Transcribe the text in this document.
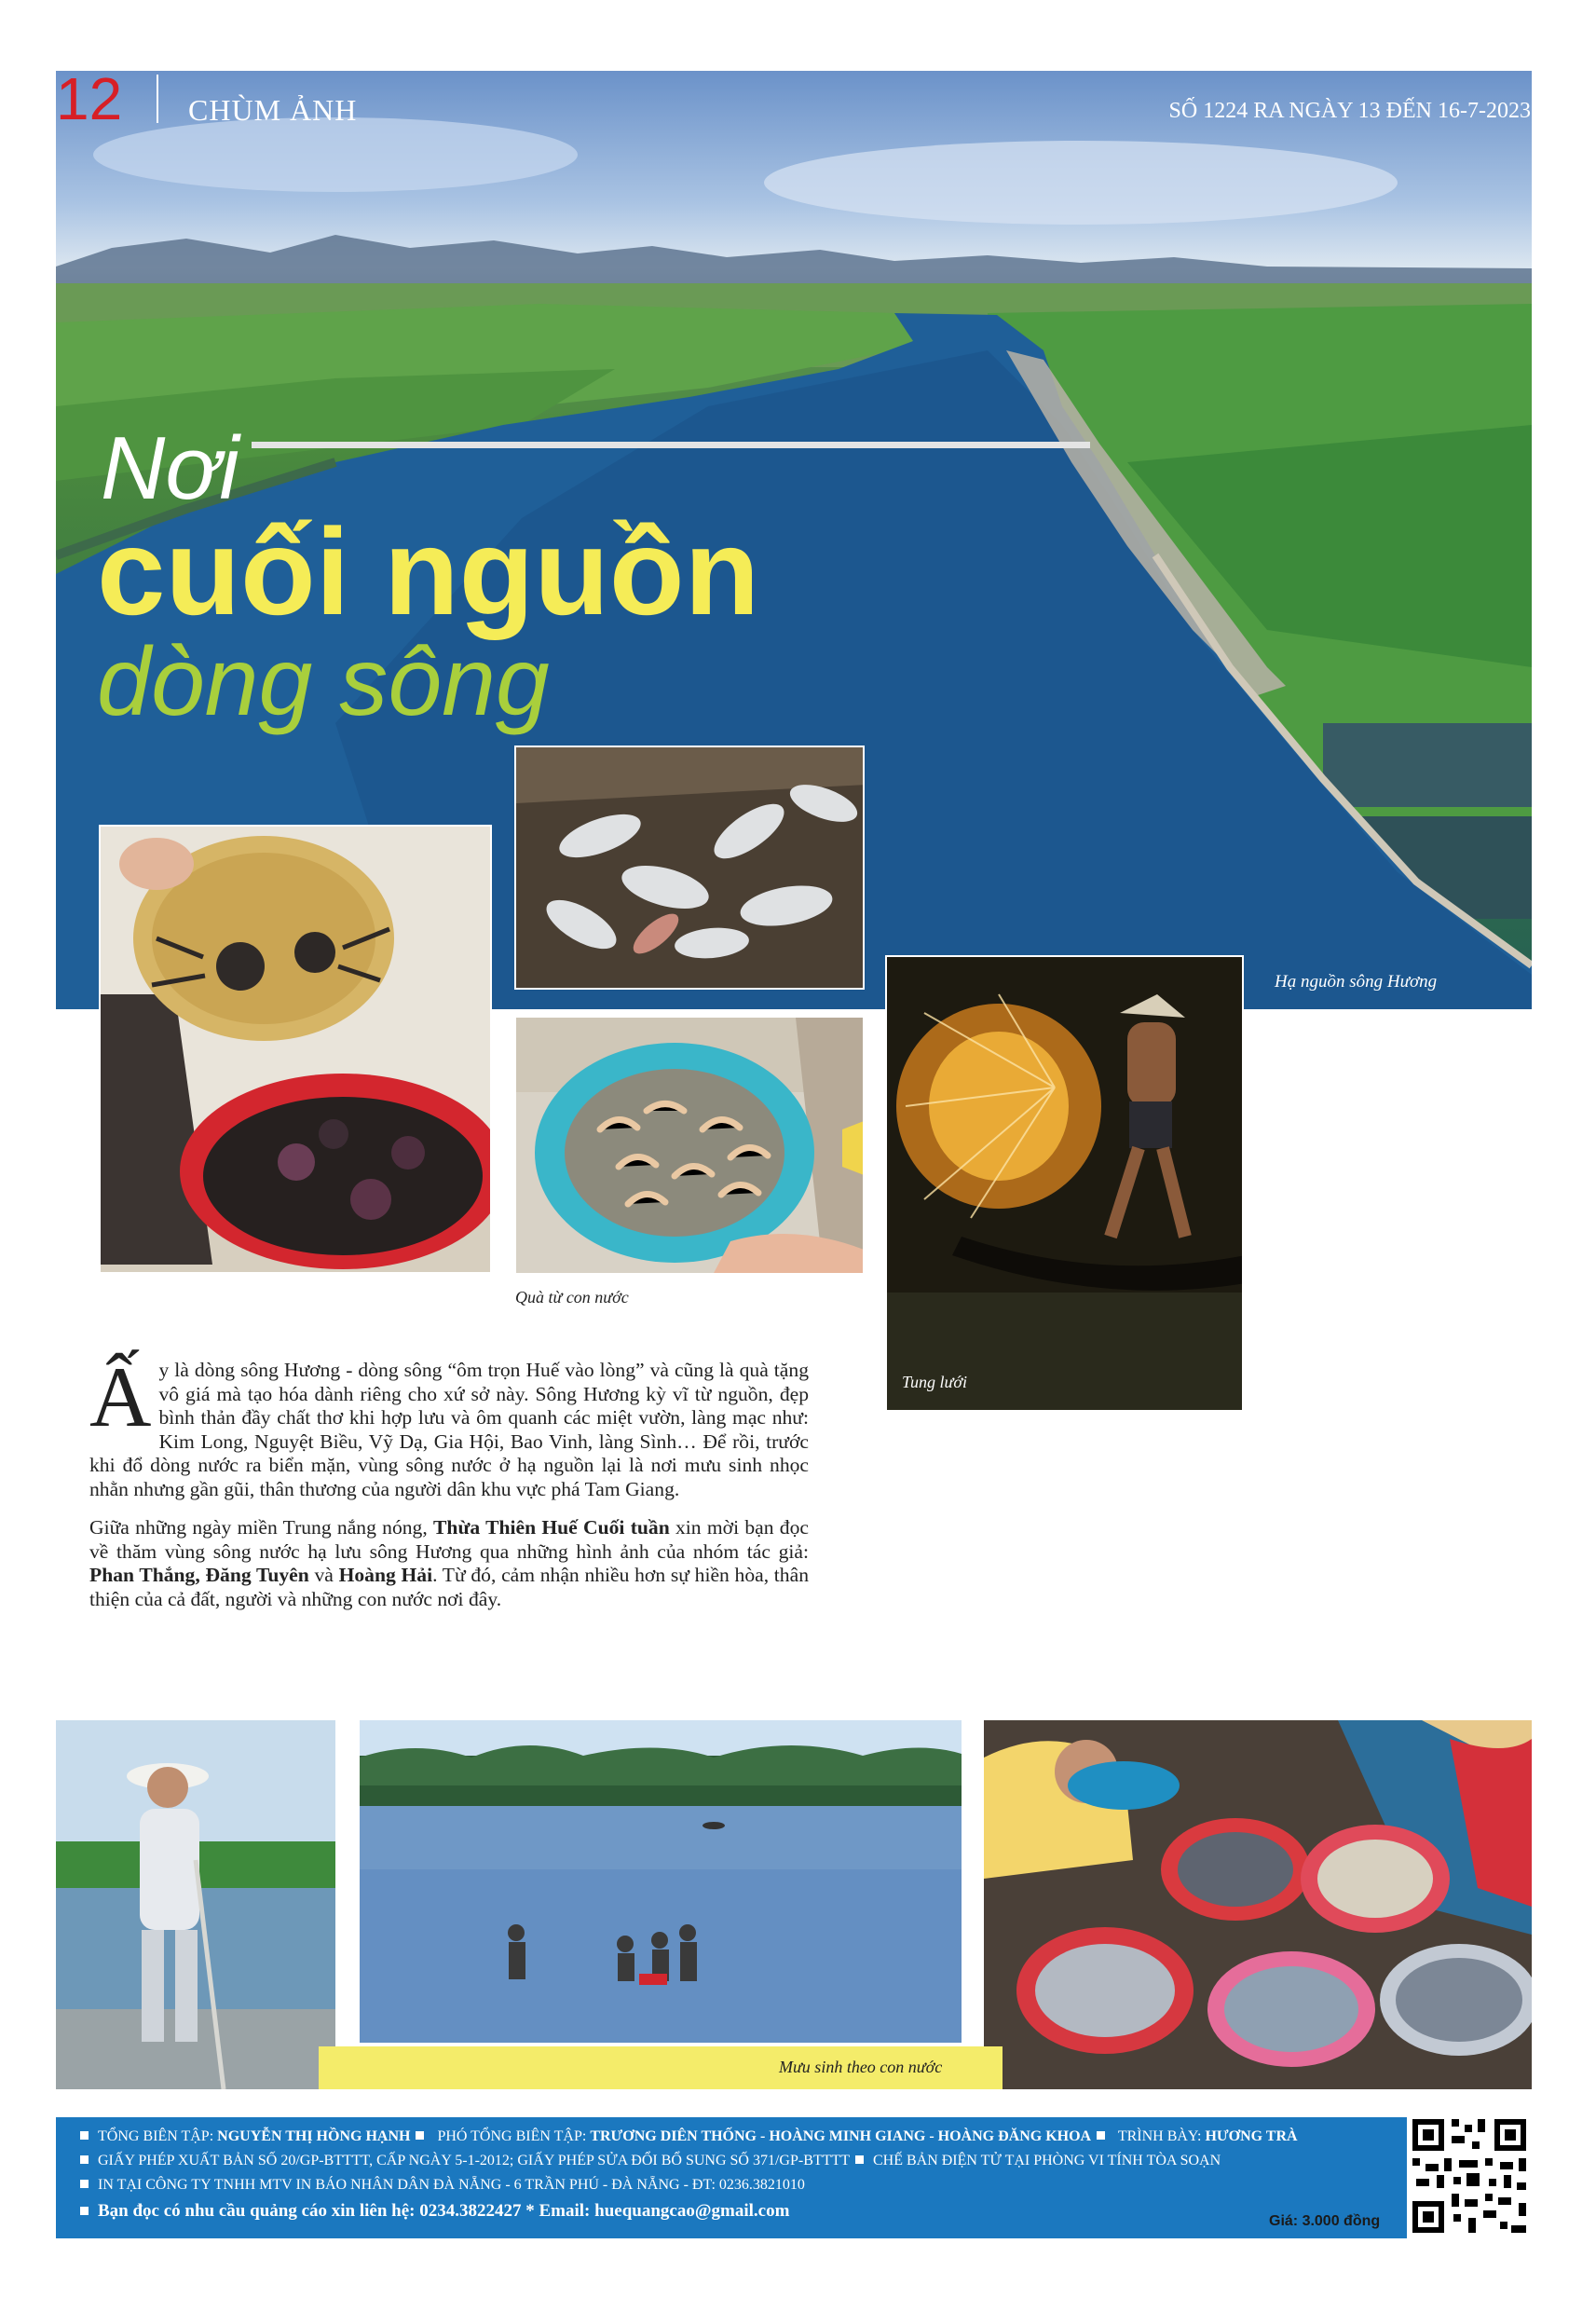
12 CHÙM ẢNH	SỐ 1224 RA NGÀY 13 ĐẾN 16-7-2023
Nơi
cuối nguồn
dòng sông
Hạ nguồn sông Hương
Quà từ con nước
Tung lưới

Ấy là dòng sông Hương - dòng sông “ôm trọn Huế vào lòng” và cũng là quà tặng vô giá mà tạo hóa dành riêng cho xứ sở này. Sông Hương kỳ vĩ từ nguồn, đẹp bình thản đầy chất thơ khi hợp lưu và ôm quanh các miệt vườn, làng mạc như: Kim Long, Nguyệt Biều, Vỹ Dạ, Gia Hội, Bao Vinh, làng Sình… Để rồi, trước khi đổ dòng nước ra biển mặn, vùng sông nước ở hạ nguồn lại là nơi mưu sinh nhọc nhằn nhưng gần gũi, thân thương của người dân khu vực phá Tam Giang.

Giữa những ngày miền Trung nắng nóng, Thừa Thiên Huế Cuối tuần xin mời bạn đọc về thăm vùng sông nước hạ lưu sông Hương qua những hình ảnh của nhóm tác giả: Phan Thắng, Đăng Tuyên và Hoàng Hải. Từ đó, cảm nhận nhiều hơn sự hiền hòa, thân thiện của cả đất, người và những con nước nơi đây.

Mưu sinh theo con nước
TỔNG BIÊN TẬP: NGUYỄN THỊ HỒNG HẠNH PHÓ TỔNG BIÊN TẬP: TRƯƠNG DIÊN THỐNG - HOÀNG MINH GIANG - HOÀNG ĐĂNG KHOA TRÌNH BÀY: HƯƠNG TRÀ
GIẤY PHÉP XUẤT BẢN SỐ 20/GP-BTTTT, CẤP NGÀY 5-1-2012; GIẤY PHÉP SỬA ĐỔI BỔ SUNG SỐ 371/GP-BTTTT CHẾ BẢN ĐIỆN TỬ TẠI PHÒNG VI TÍNH TÒA SOẠN
IN TẠI CÔNG TY TNHH MTV IN BÁO NHÂN DÂN ĐÀ NẴNG - 6 TRẦN PHÚ - ĐÀ NẴNG - ĐT: 0236.3821010
Bạn đọc có nhu cầu quảng cáo xin liên hệ: 0234.3822427 * Email: huequangcao@gmail.com
Giá: 3.000 đồng
